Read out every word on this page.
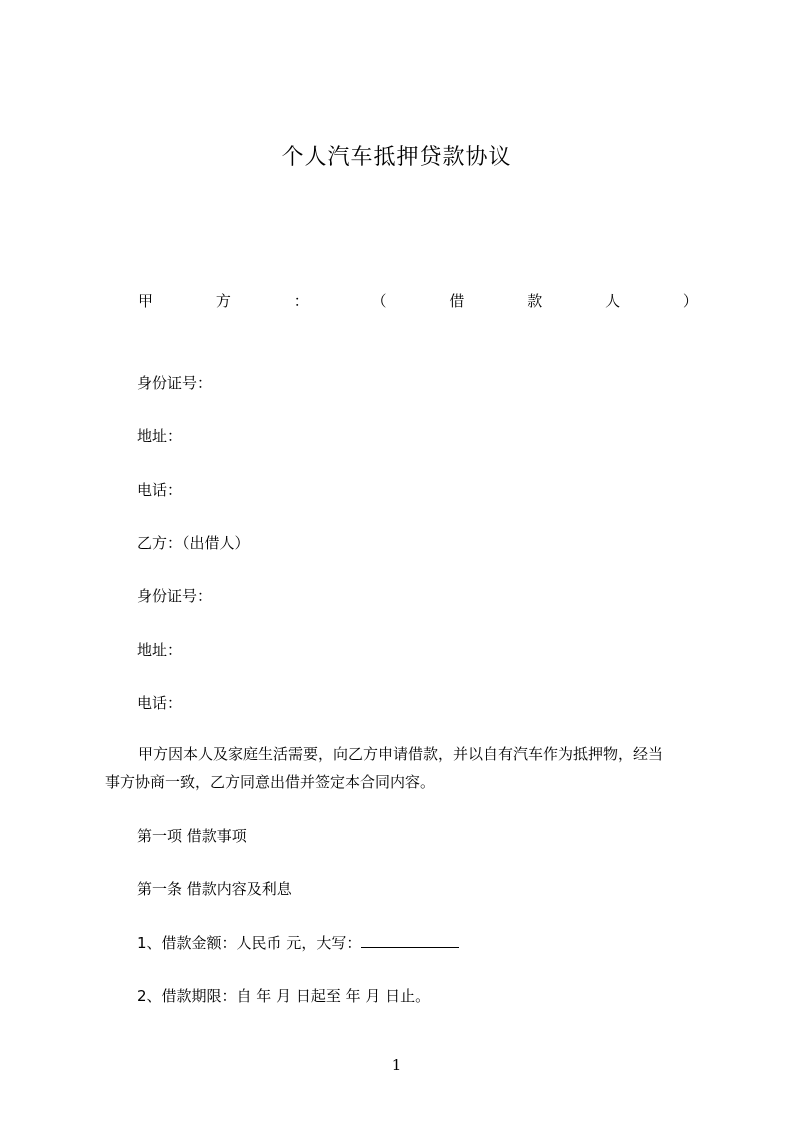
个人汽车抵押贷款协议
甲	方	：	（	借	款	人	）
身份证号：
地址：
电话：
乙方：（出借人）
身份证号：
地址：
电话：
甲方因本人及家庭生活需要，向乙方申请借款，并以自有汽车作为抵押物，经当
事方协商一致，乙方同意出借并签定本合同内容。
第一项 借款事项
第一条 借款内容及利息
1、借款金额：人民币 元，大写：
2、借款期限：自 年 月 日起至 年 月 日止。
1
